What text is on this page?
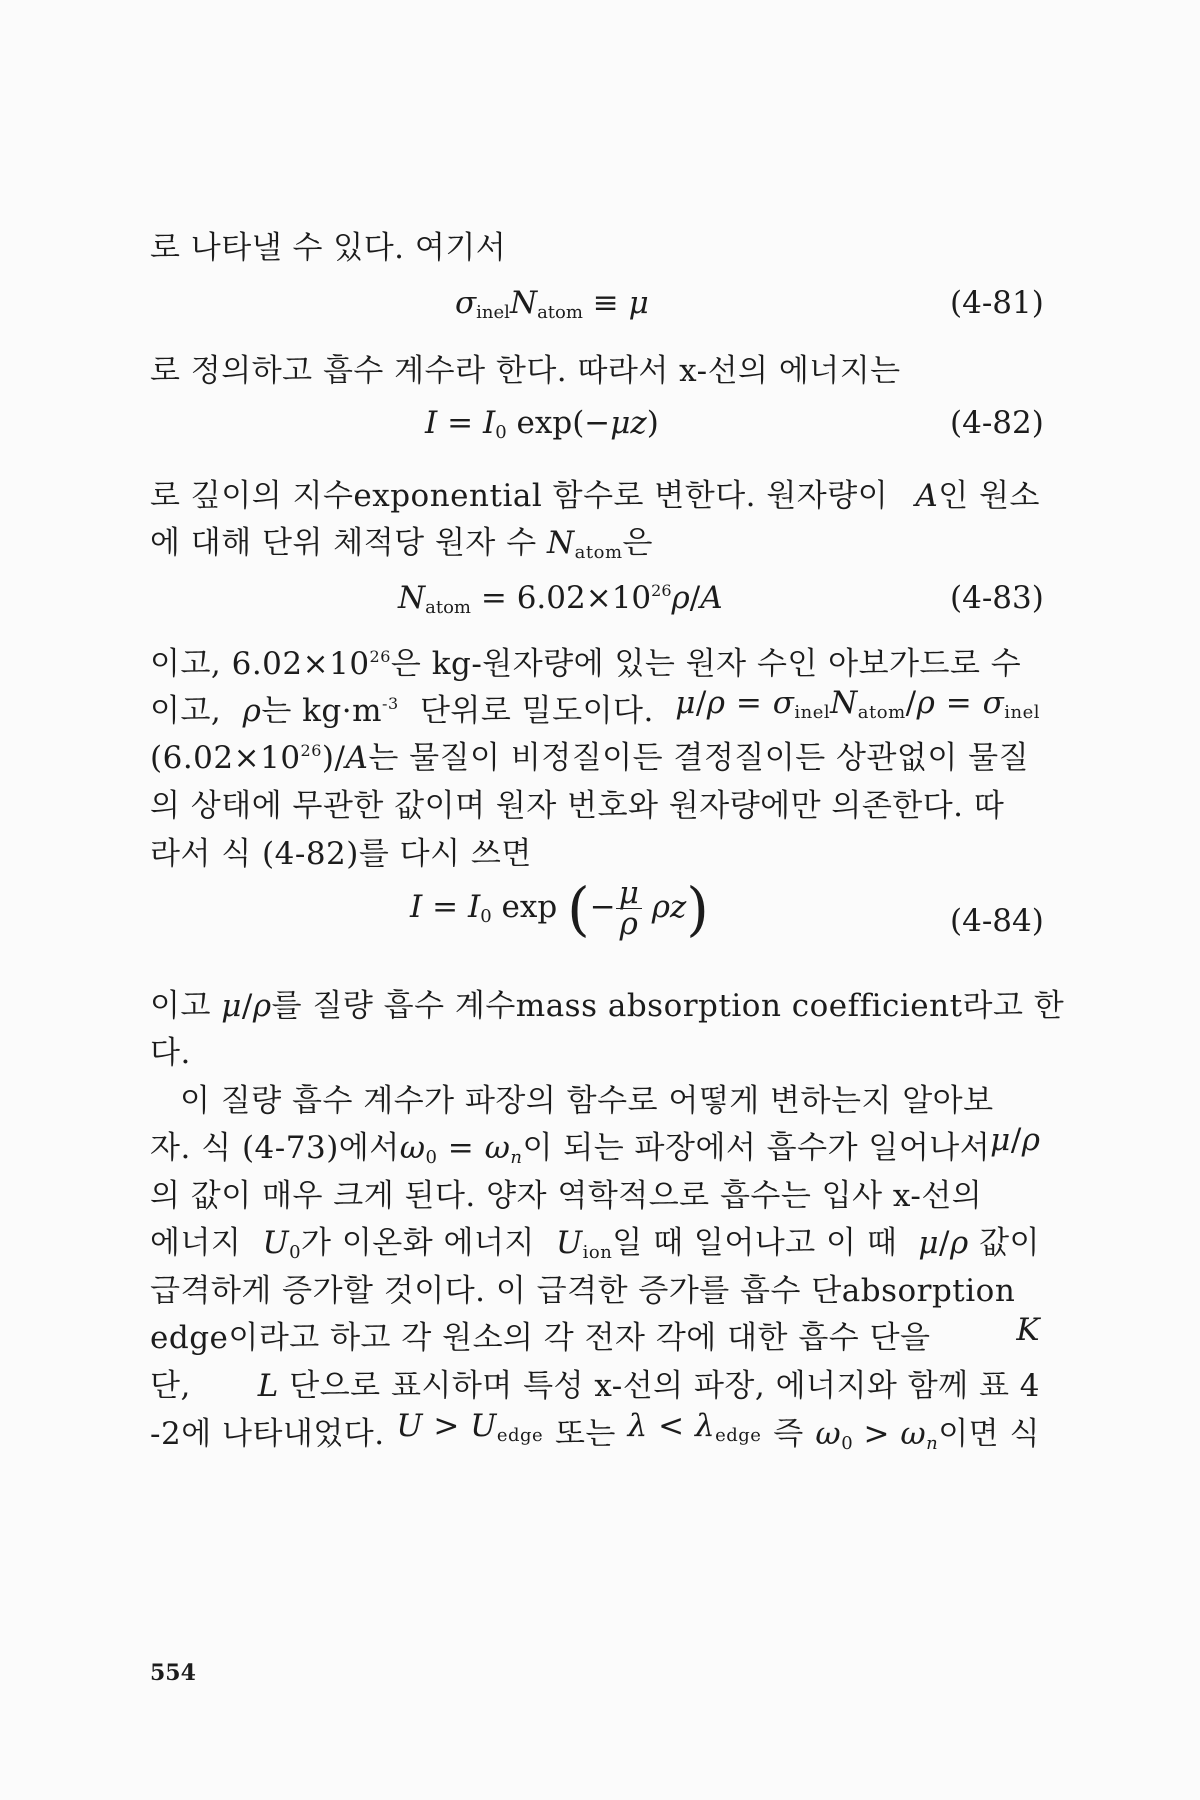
로 나타낼 수 있다. 여기서
$\sigma_{inel}N_{atom} \equiv \mu$	(4-81)
로 정의하고 흡수 계수라 한다. 따라서 x-선의 에너지는
$I = I_0$ exp(−μz)	(4-82)
로 깊이의 지수exponential 함수로 변한다. 원자량이 A인 원소
에 대해 단위 체적당 원자 수 $N_{atom}$은
$N_{atom} = 6.02\times 10^{26}\rho/A$	(4-83)
이고, $6.02\times 10^{26}$은 kg-원자량에 있는 원자 수인 아보가드로 수
이고, ρ는 $kg\cdot m^{-3}$ 단위로 밀도이다. $\mu/\rho = \sigma_{inel}N_{atom}/\rho = \sigma_{inel}$
$(6.02\times 10^{26})/A$는 물질이 비정질이든 결정질이든 상관없이 물질
의 상태에 무관한 값이며 원자 번호와 원자량에만 의존한다. 따
라서 식 (4-82)를 다시 쓰면
$I = I_0$ exp (− $\frac{\mu}{\rho} \rho z$)	(4-84)
이고 μ/ρ를 질량 흡수 계수mass absorption coefficient라고 한
다.
이 질량 흡수 계수가 파장의 함수로 어떻게 변하는지 알아보
자. 식 (4-73)에서 $\omega_0 = \omega_n$이 되는 파장에서 흡수가 일어나서 μ/ρ
의 값이 매우 크게 된다. 양자 역학적으로 흡수는 입사 x-선의
에너지 $U_0$가 이온화 에너지 $U_{ion}$일 때 일어나고 이 때 μ/ρ 값이
급격하게 증가할 것이다. 이 급격한 증가를 흡수 단absorption
edge이라고 하고 각 원소의 각 전자 각에 대한 흡수 단을	K
단, L 단으로 표시하며 특성 x-선의 파장, 에너지와 함께 표 4
-2에 나타내었다. $U > U_{edge}$ 또는 $\lambda < \lambda_{edge}$ 즉 $\omega_0 > \omega_n$이면 식
554
